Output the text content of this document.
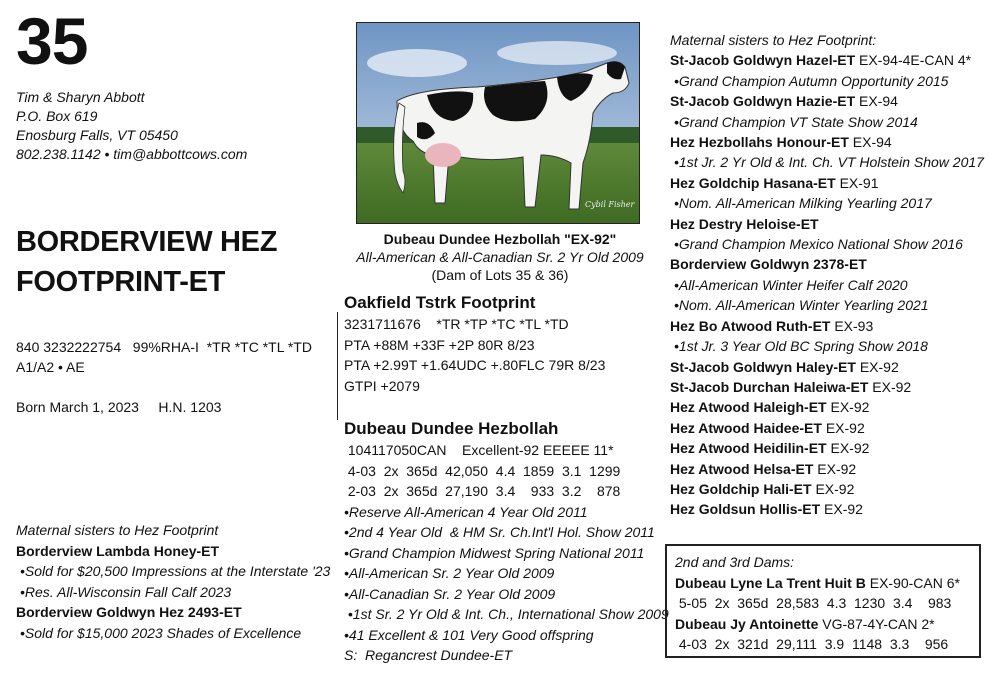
35
Tim & Sharyn Abbott
P.O. Box 619
Enosburg Falls, VT 05450
802.238.1142 • tim@abbottcows.com
BORDERVIEW HEZ
FOOTPRINT-ET

840 3232222754   99%RHA-I  *TR *TC *TL *TD

Born March 1, 2023     H.N. 1203

A1/A2 • AE
Maternal sisters to Hez Footprint
Borderview Lambda Honey-ET
•Sold for $20,500 Impressions at the Interstate '23
•Res. All-Wisconsin Fall Calf 2023
Borderview Goldwyn Hez 2493-ET
•Sold for $15,000 2023 Shades of Excellence
Cybil Fisher
Dubeau Dundee Hezbollah "EX-92"
All-American & All-Canadian Sr. 2 Yr Old 2009
(Dam of Lots 35 & 36)
Oakfield Tstrk Footprint
3231711676    *TR *TP *TC *TL *TD
PTA +88M +33F +2P 80R 8/23
PTA +2.99T +1.64UDC +.80FLC 79R 8/23
GTPI +2079
Dubeau Dundee Hezbollah
104117050CAN    Excellent-92 EEEEE 11*
4-03  2x  365d  42,050  4.4  1859  3.1  1299
2-03  2x  365d  27,190  3.4    933  3.2    878
•Reserve All-American 4 Year Old 2011
•2nd 4 Year Old  & HM Sr. Ch.Int'l Hol. Show 2011
•Grand Champion Midwest Spring National 2011
•All-American Sr. 2 Year Old 2009
•All-Canadian Sr. 2 Year Old 2009
•1st Sr. 2 Yr Old & Int. Ch., International Show 2009
•41 Excellent & 101 Very Good offspring
S:  Regancrest Dundee-ET
Maternal sisters to Hez Footprint:
St-Jacob Goldwyn Hazel-ET EX-94-4E-CAN 4*
•Grand Champion Autumn Opportunity 2015
St-Jacob Goldwyn Hazie-ET EX-94
•Grand Champion VT State Show 2014
Hez Hezbollahs Honour-ET EX-94
•1st Jr. 2 Yr Old & Int. Ch. VT Holstein Show 2017
Hez Goldchip Hasana-ET EX-91
•Nom. All-American Milking Yearling 2017
Hez Destry Heloise-ET
•Grand Champion Mexico National Show 2016
Borderview Goldwyn 2378-ET
•All-American Winter Heifer Calf 2020
•Nom. All-American Winter Yearling 2021
Hez Bo Atwood Ruth-ET EX-93
•1st Jr. 3 Year Old BC Spring Show 2018
St-Jacob Goldwyn Haley-ET EX-92
St-Jacob Durchan Haleiwa-ET EX-92
Hez Atwood Haleigh-ET EX-92
Hez Atwood Haidee-ET EX-92
Hez Atwood Heidilin-ET EX-92
Hez Atwood Helsa-ET EX-92
Hez Goldchip Hali-ET EX-92
Hez Goldsun Hollis-ET EX-92
2nd and 3rd Dams:
Dubeau Lyne La Trent Huit B EX-90-CAN 6*
5-05  2x  365d  28,583  4.3  1230  3.4    983
Dubeau Jy Antoinette VG-87-4Y-CAN 2*
4-03  2x  321d  29,111  3.9  1148  3.3    956
